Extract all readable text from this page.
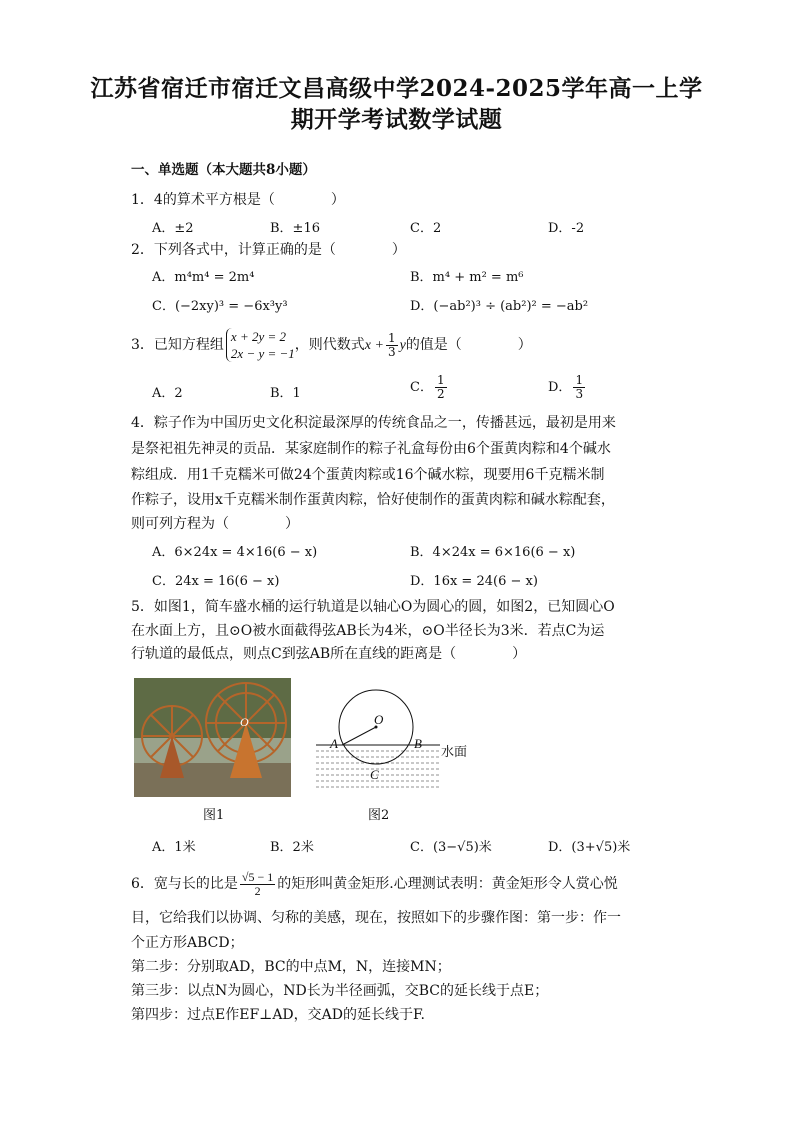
江苏省宿迁市宿迁文昌高级中学2024-2025学年高一上学
期开学考试数学试题
一、单选题（本大题共8小题）
1．4的算术平方根是（　　　　）
A．±2	B．±16	C．2	D．-2
2．下列各式中，计算正确的是（　　　　）
A．m⁴m⁴ = 2m⁴	B．m⁴ + m² = m⁶
C．(−2xy)³ = −6x³y³	D．(−ab²)³ ÷ (ab²)² = −ab²
3．已知方程组
x + 2y = 2
2x − y = −1
，则代数式$x + \frac{1}{3}$ y的值是（　　　　）
A．2	B．1	C． $\frac{1}{2}$	D． $\frac{1}{3}$
4．粽子作为中国历史文化积淀最深厚的传统食品之一，传播甚远，最初是用来
是祭祀祖先神灵的贡品．某家庭制作的粽子礼盒每份由6个蛋黄肉粽和4个碱水
粽组成．用1千克糯米可做24个蛋黄肉粽或16个碱水粽，现要用6千克糯米制
作粽子，设用x千克糯米制作蛋黄肉粽，恰好使制作的蛋黄肉粽和碱水粽配套，
则可列方程为（　　　　）
A．6×24x = 4×16(6 − x)	B．4×24x = 6×16(6 − x)
C．24x = 16(6 − x)	D．16x = 24(6 − x)
5．如图1，简车盛水桶的运行轨道是以轴心O为圆心的圆，如图2，已知圆心O
在水面上方，且⊙O被水面截得弦AB长为4米，⊙O半径长为3米．若点C为运
行轨道的最低点，则点C到弦AB所在直线的距离是（　　　　）
O
图1
O
A	B
C
水面
图2
A．1米	B．2米	C．(3−√5)米	D．(3+√5)米
6．宽与长的比是 $\frac{√5 - 1}{2}$ 的矩形叫黄金矩形.心理测试表明：黄金矩形令人赏心悦
目，它给我们以协调、匀称的美感，现在，按照如下的步骤作图：第一步：作一
个正方形ABCD；
第二步：分别取AD，BC的中点M，N，连接MN；
第三步：以点N为圆心，ND长为半径画弧，交BC的延长线于点E；
第四步：过点E作EF⊥AD，交AD的延长线于F.
